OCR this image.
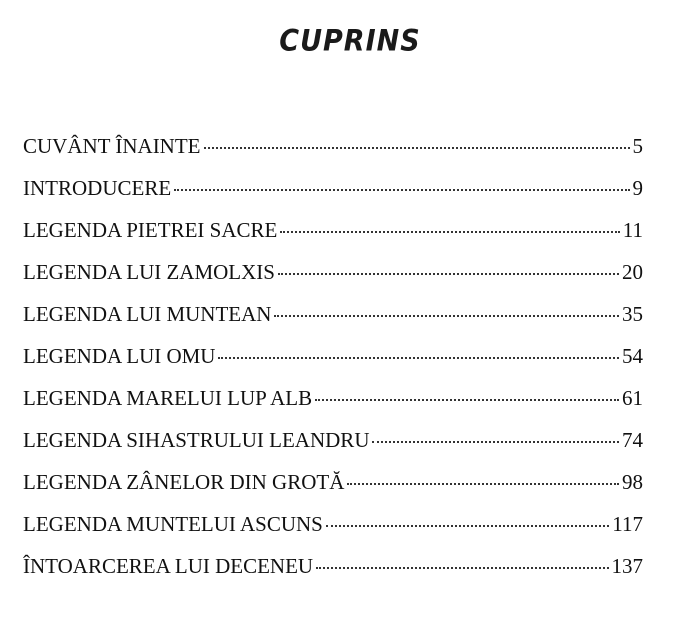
CUPRINS
CUVÂNT ÎNAINTE	5
INTRODUCERE	9
LEGENDA PIETREI SACRE	11
LEGENDA LUI ZAMOLXIS	20
LEGENDA LUI MUNTEAN	35
LEGENDA LUI OMU	54
LEGENDA MARELUI LUP ALB	61
LEGENDA SIHASTRULUI LEANDRU	74
LEGENDA ZÂNELOR DIN GROTĂ	98
LEGENDA MUNTELUI ASCUNS	117
ÎNTOARCEREA LUI DECENEU	137
